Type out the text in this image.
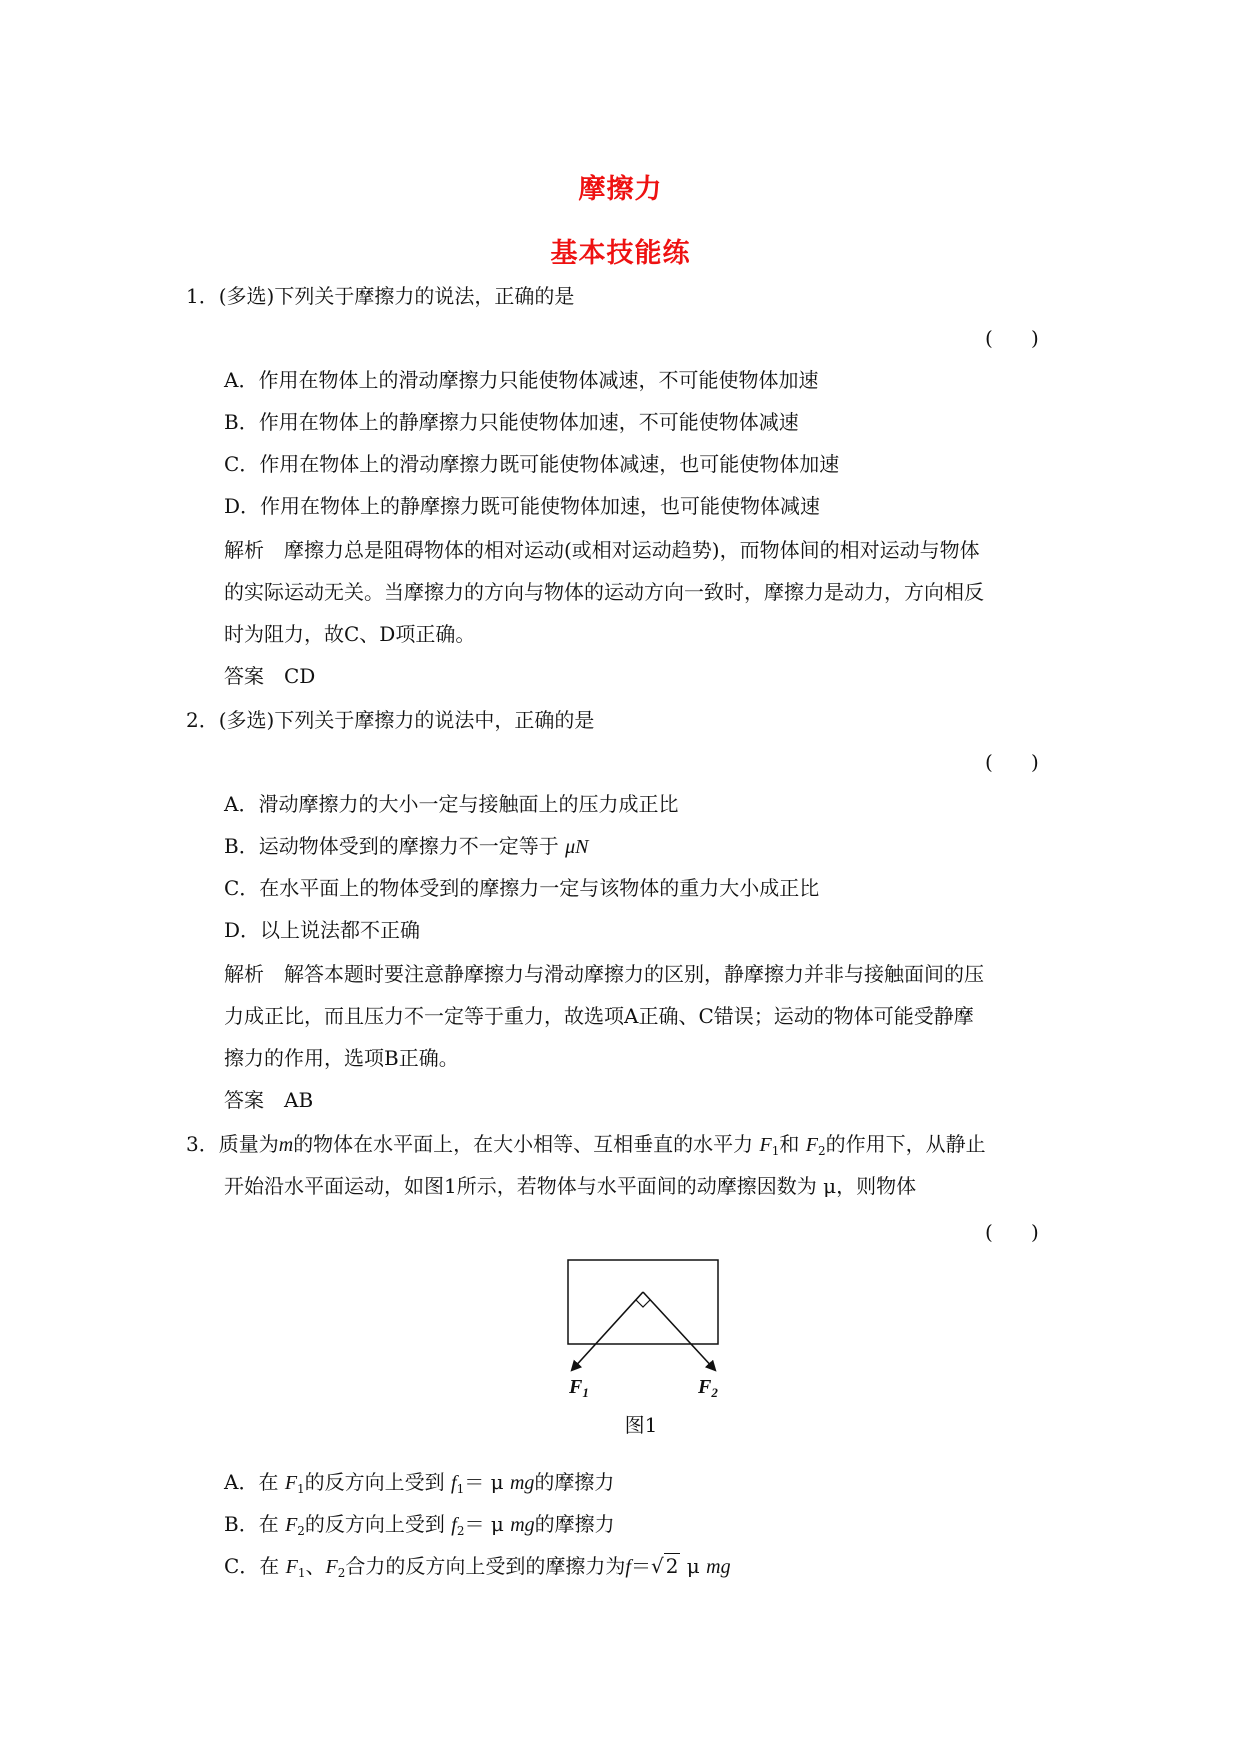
摩擦力
基本技能练
1．(多选)下列关于摩擦力的说法，正确的是
(      )
A．作用在物体上的滑动摩擦力只能使物体减速，不可能使物体加速
B．作用在物体上的静摩擦力只能使物体加速，不可能使物体减速
C．作用在物体上的滑动摩擦力既可能使物体减速，也可能使物体加速
D．作用在物体上的静摩擦力既可能使物体加速，也可能使物体减速
解析 摩擦力总是阻碍物体的相对运动(或相对运动趋势)，而物体间的相对运动与物体
的实际运动无关。当摩擦力的方向与物体的运动方向一致时，摩擦力是动力，方向相反
时为阻力，故C、D项正确。
答案 CD
2．(多选)下列关于摩擦力的说法中，正确的是
(      )
A．滑动摩擦力的大小一定与接触面上的压力成正比
B．运动物体受到的摩擦力不一定等于 μN
C．在水平面上的物体受到的摩擦力一定与该物体的重力大小成正比
D．以上说法都不正确
解析 解答本题时要注意静摩擦力与滑动摩擦力的区别，静摩擦力并非与接触面间的压
力成正比，而且压力不一定等于重力，故选项A正确、C错误；运动的物体可能受静摩
擦力的作用，选项B正确。
答案 AB
3．质量为m的物体在水平面上，在大小相等、互相垂直的水平力 $F_1$和 $F_2$的作用下，从静止
开始沿水平面运动，如图1所示，若物体与水平面间的动摩擦因数为 μ，则物体
(      )
$F_1$	$F_2$
图1
A．在 $F_1$的反方向上受到 $f_1= \mu$ mg的摩擦力
B．在 $F_2$的反方向上受到 $f_2= \mu$ mg的摩擦力
C．在 $F_1$、$F_2$合力的反方向上受到的摩擦力为f＝√ 2 μ mg
